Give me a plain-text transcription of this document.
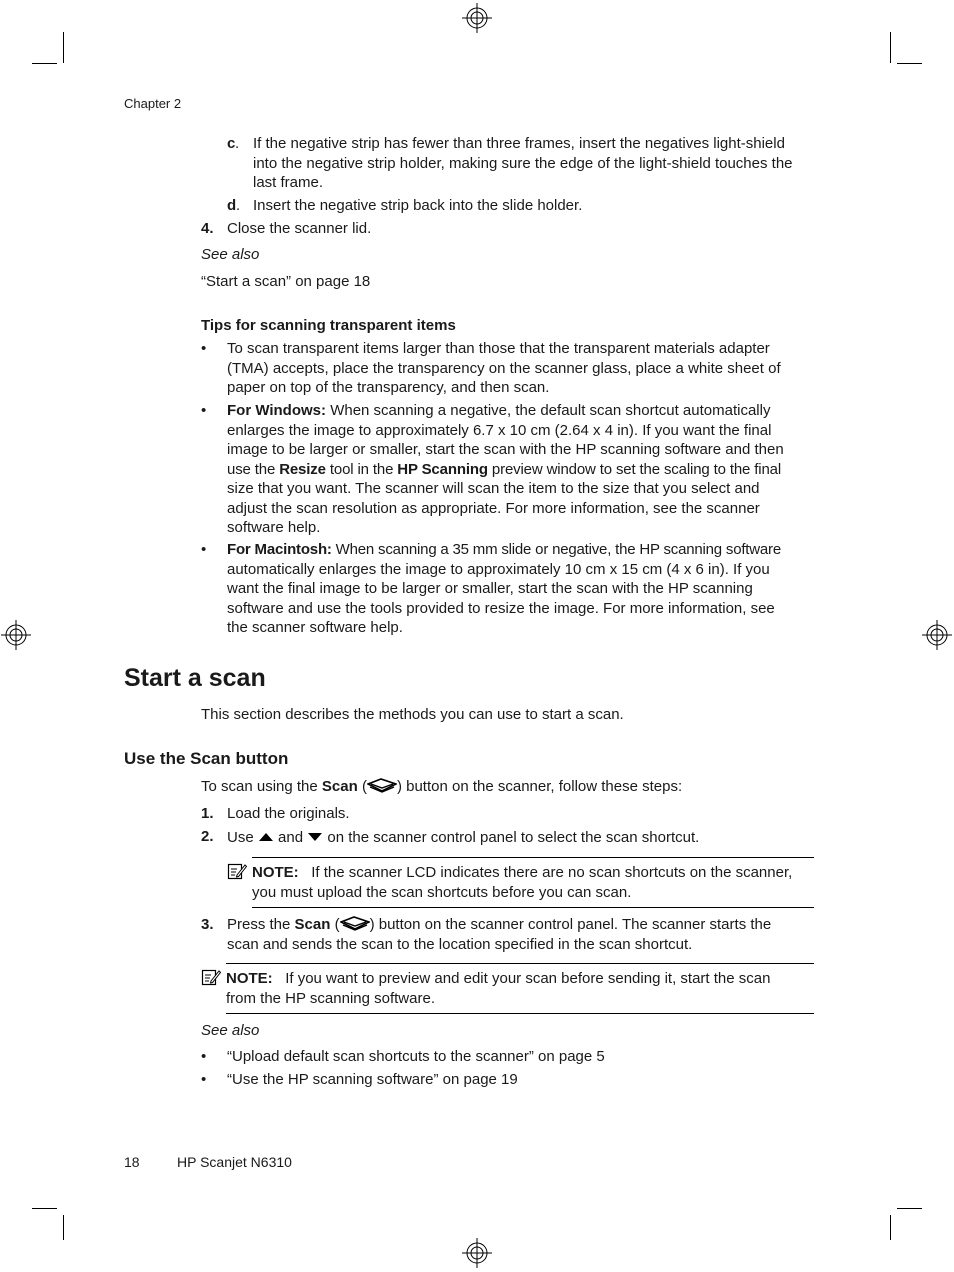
Chapter 2
c . If the negative strip has fewer than three frames, insert the negatives light-shield
into the negative strip holder, making sure the edge of the light-shield touches the
last frame.
d . Insert the negative strip back into the slide holder.
4. Close the scanner lid.
See also
“Start a scan” on page 18
Tips for scanning transparent items
•	To scan transparent items larger than those that the transparent materials adapter
(TMA) accepts, place the transparency on the scanner glass, place a white sheet of
paper on top of the transparency, and then scan.
•	For Windows: When scanning a negative, the default scan shortcut automatically
enlarges the image to approximately 6.7 x 10 cm (2.64 x 4 in). If you want the final
image to be larger or smaller, start the scan with the HP scanning software and then
use the Resize tool in the HP Scanning preview window to set the scaling to the final
size that you want. The scanner will scan the item to the size that you select and
adjust the scan resolution as appropriate. For more information, see the scanner
software help.
•	For Macintosh: When scanning a 35 mm slide or negative, the HP scanning software
automatically enlarges the image to approximately 10 cm x 15 cm (4 x 6 in). If you
want the final image to be larger or smaller, start the scan with the HP scanning
software and use the tools provided to resize the image. For more information, see
the scanner software help.
Start a scan
This section describes the methods you can use to start a scan.
Use the Scan button
To scan using the Scan ( ) button on the scanner, follow these steps:
1. Load the originals.
2. Use and on the scanner control panel to select the scan shortcut.
NOTE: If the scanner LCD indicates there are no scan shortcuts on the scanner,
you must upload the scan shortcuts before you can scan.
3. Press the Scan ( ) button on the scanner control panel. The scanner starts the
scan and sends the scan to the location specified in the scan shortcut.
NOTE: If you want to preview and edit your scan before sending it, start the scan
from the HP scanning software.
See also
•	“Upload default scan shortcuts to the scanner” on page 5
•	“Use the HP scanning software” on page 19
18	HP Scanjet N6310
